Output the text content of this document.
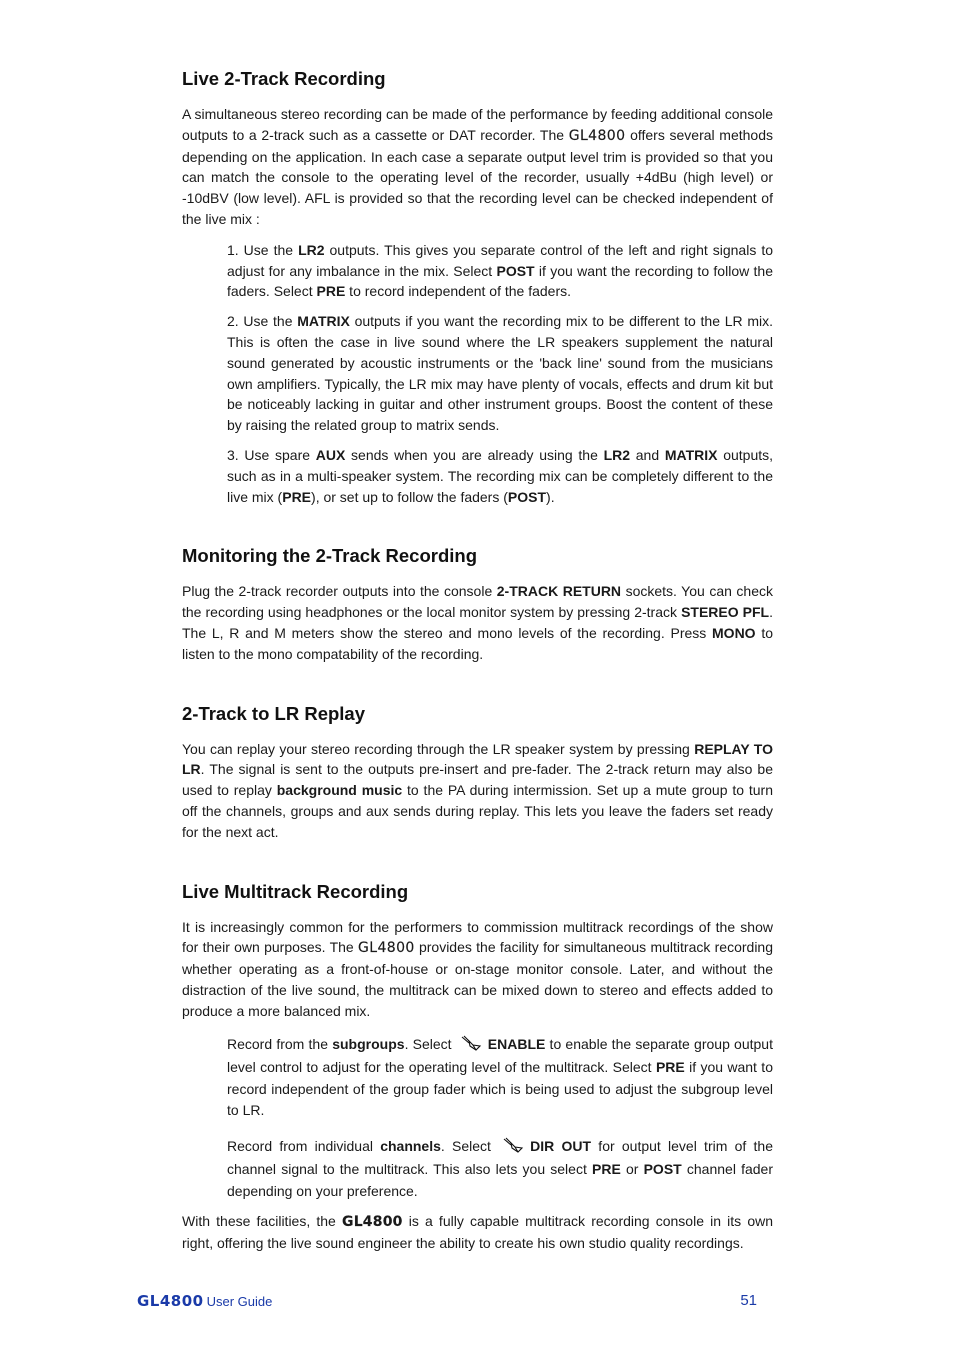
Live 2-Track Recording

A simultaneous stereo recording can be made of the performance by feeding additional console outputs to a 2-track such as a cassette or DAT recorder. The GL4800 offers several methods depending on the application. In each case a separate output level trim is provided so that you can match the console to the operating level of the recorder, usually +4dBu (high level) or -10dBV (low level). AFL is provided so that the recording level can be checked independent of the live mix :

1. Use the LR2 outputs. This gives you separate control of the left and right signals to adjust for any imbalance in the mix. Select POST if you want the recording to follow the faders. Select PRE to record independent of the faders.

2. Use the MATRIX outputs if you want the recording mix to be different to the LR mix. This is often the case in live sound where the LR speakers supplement the natural sound generated by acoustic instruments or the 'back line' sound from the musicians own amplifiers. Typically, the LR mix may have plenty of vocals, effects and drum kit but be noticeably lacking in guitar and other instrument groups. Boost the content of these by raising the related group to matrix sends.

3. Use spare AUX sends when you are already using the LR2 and MATRIX outputs, such as in a multi-speaker system. The recording mix can be completely different to the live mix (PRE), or set up to follow the faders (POST).

Monitoring the 2-Track Recording

Plug the 2-track recorder outputs into the console 2-TRACK RETURN sockets. You can check the recording using headphones or the local monitor system by pressing 2-track STEREO PFL. The L, R and M meters show the stereo and mono levels of the recording. Press MONO to listen to the mono compatability of the recording.

2-Track to LR Replay

You can replay your stereo recording through the LR speaker system by pressing REPLAY TO LR. The signal is sent to the outputs pre-insert and pre-fader. The 2-track return may also be used to replay background music to the PA during intermission. Set up a mute group to turn off the channels, groups and aux sends during replay. This lets you leave the faders set ready for the next act.

Live Multitrack Recording

It is increasingly common for the performers to commission multitrack recordings of the show for their own purposes. The GL4800 provides the facility for simultaneous multitrack recording whether operating as a front-of-house or on-stage monitor console. Later, and without the distraction of the live sound, the multitrack can be mixed down to stereo and effects added to produce a more balanced mix.

Record from the subgroups. Select ENABLE to enable the separate group output level control to adjust for the operating level of the multitrack. Select PRE if you want to record independent of the group fader which is being used to adjust the subgroup level to LR.

Record from individual channels. Select DIR OUT for output level trim of the channel signal to the multitrack. This also lets you select PRE or POST channel fader depending on your preference.

With these facilities, the GL4800 is a fully capable multitrack recording console in its own right, offering the live sound engineer the ability to create his own studio quality recordings.

GL4800 User Guide	51
